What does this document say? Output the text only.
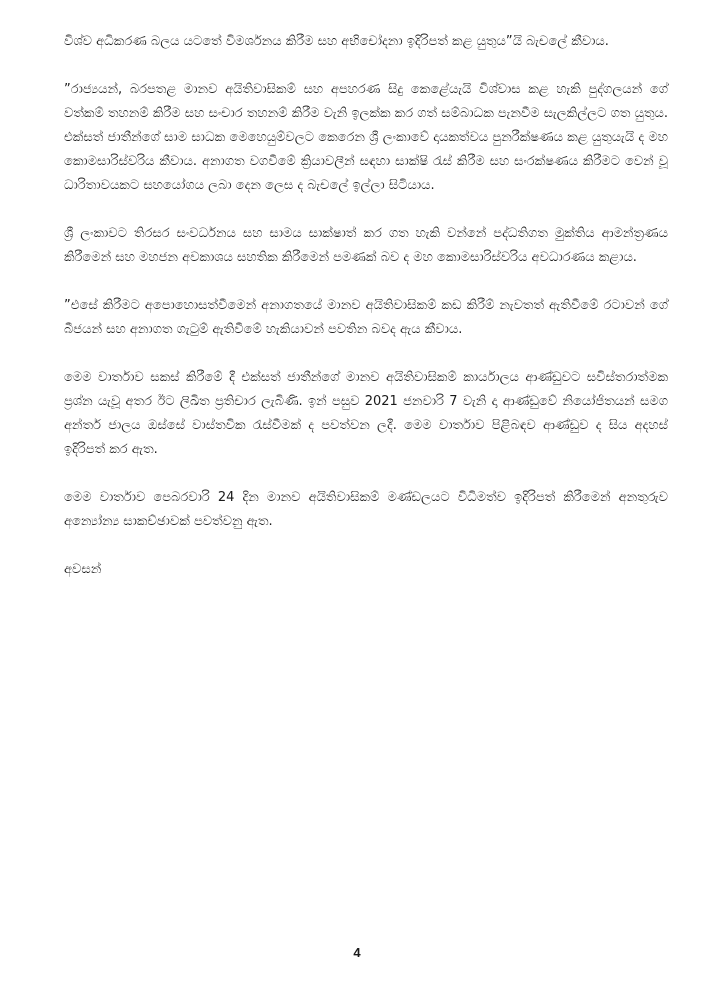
විශ්ව අධිකරණ බලය යටතේ විමර්ශනය කිරීම සහ අභිචෝදනා ඉදිරිපත් කළ යුතුය”යි බැචලේ කීවාය.

”රාජ්‍යයන්, බරපතළ මානව අයිතිවාසිකම් සහ අපහරණ සිදු කෙළේයැයි විශ්වාස කළ හැකි පුද්ගලයන් ගේ වත්කම් තහනම් කිරීම සහ සංචාර තහනම් කිරීම වැනි ඉලක්ක කර ගත් සම්බාධක පැනවීම සැලකිල්ලට ගත යුතුය. එක්සත් ජාතීන්ගේ සාම සාධක මෙහෙයුම්වලට කෙරෙන ශ්‍රී ලංකාවේ දායකත්වය පුනරීක්ෂණය කළ යුතුයැයි ද මහ කොමසාරිස්වරිය කීවාය. අනාගත වගවීමේ ක්‍රියාවලීන් සඳහා සාක්ෂි රැස් කිරීම සහ සංරක්ෂණය කිරීමට වෙන් වූ ධාරිතාවයකට සහයෝගය ලබා දෙන ලෙස ද බැචලේ ඉල්ලා සිටියාය.

ශ්‍රී ලංකාවට තිරසර සංවර්ධනය සහ සාමය සාක්ෂාත් කර ගත හැකි වන්නේ පද්ධතිගත මුක්තිය ආමන්ත්‍රණය කිරීමෙන් සහ මහජන අවකාශය සහතික කිරීමෙන් පමණක් බව ද මහ කොමසාරිස්වරිය අවධාරණය කළාය.

”එසේ කිරීමට අපොහොසත්වීමෙන් අනාගතයේ මානව අයිතිවාසිකම් කඩ කිරීම් නැවතත් ඇතිවීමේ රටාවන් ගේ බීජයන් සහ අනාගත ගැටුම් ඇතිවීමේ හැකියාවන් පවතින බවද ඇය කීවාය.

මෙම වාර්තාව සකස් කිරීමේ දී එක්සත් ජාතීන්ගේ මානව අයිතිවාසිකම් කාර්යාලය ආණ්ඩුවට සවිස්තරාත්මක ප්‍රශ්න යැවූ අතර ඊට ලිඛිත ප්‍රතිචාර ලැබිණි. ඉන් පසුව 2021 ජනවාරි 7 වැනි දා ආණ්ඩුවේ නියෝජිතයන් සමග අන්තර් ජාලය ඔස්සේ වාස්තවික රැස්වීමක් ද පවත්වන ලදී. මෙම වාර්තාව පිළිබඳව ආණ්ඩුව ද සිය අදහස් ඉදිරිපත් කර ඇත.

මෙම වාර්තාව පෙබරවාරි 24 දින මානව අයිතිවාසිකම් මණ්ඩලයට විධිමත්ව ඉදිරිපත් කිරීමෙන් අනතුරුව අන්‍යෝන්‍ය සාකච්ඡාවක් පවත්වනු ඇත.

අවසන්

4
